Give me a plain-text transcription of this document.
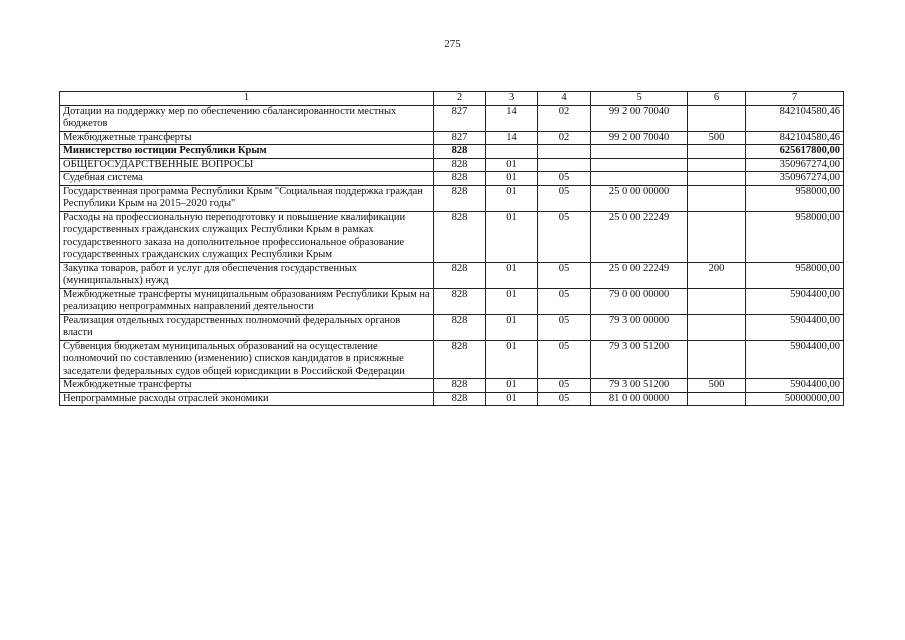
275
1	2	3	4	5	6	7
Дотации на поддержку мер по обеспечению сбалансированности местных бюджетов	827	14	02	99 2 00 70040		842104580,46
Межбюджетные трансферты	827	14	02	99 2 00 70040	500	842104580,46
Министерство юстиции Республики Крым	828					625617800,00
ОБЩЕГОСУДАРСТВЕННЫЕ ВОПРОСЫ	828	01				350967274,00
Судебная система	828	01	05			350967274,00
Государственная программа Республики Крым "Социальная поддержка граждан Республики Крым на 2015–2020 годы"	828	01	05	25 0 00 00000		958000,00
Расходы на профессиональную переподготовку и повышение квалификации государственных гражданских служащих Республики Крым в рамках государственного заказа на дополнительное профессиональное образование государственных гражданских служащих Республики Крым	828	01	05	25 0 00 22249		958000,00
Закупка товаров, работ и услуг для обеспечения государственных (муниципальных) нужд	828	01	05	25 0 00 22249	200	958000,00
Межбюджетные трансферты муниципальным образованиям Республики Крым на реализацию непрограммных направлений деятельности	828	01	05	79 0 00 00000		5904400,00
Реализация отдельных государственных полномочий федеральных органов власти	828	01	05	79 3 00 00000		5904400,00
Субвенция бюджетам муниципальных образований на осуществление полномочий по составлению (изменению) списков кандидатов в присяжные заседатели федеральных судов общей юрисдикции в Российской Федерации	828	01	05	79 3 00 51200		5904400,00
Межбюджетные трансферты	828	01	05	79 3 00 51200	500	5904400,00
Непрограммные расходы отраслей экономики	828	01	05	81 0 00 00000		50000000,00
